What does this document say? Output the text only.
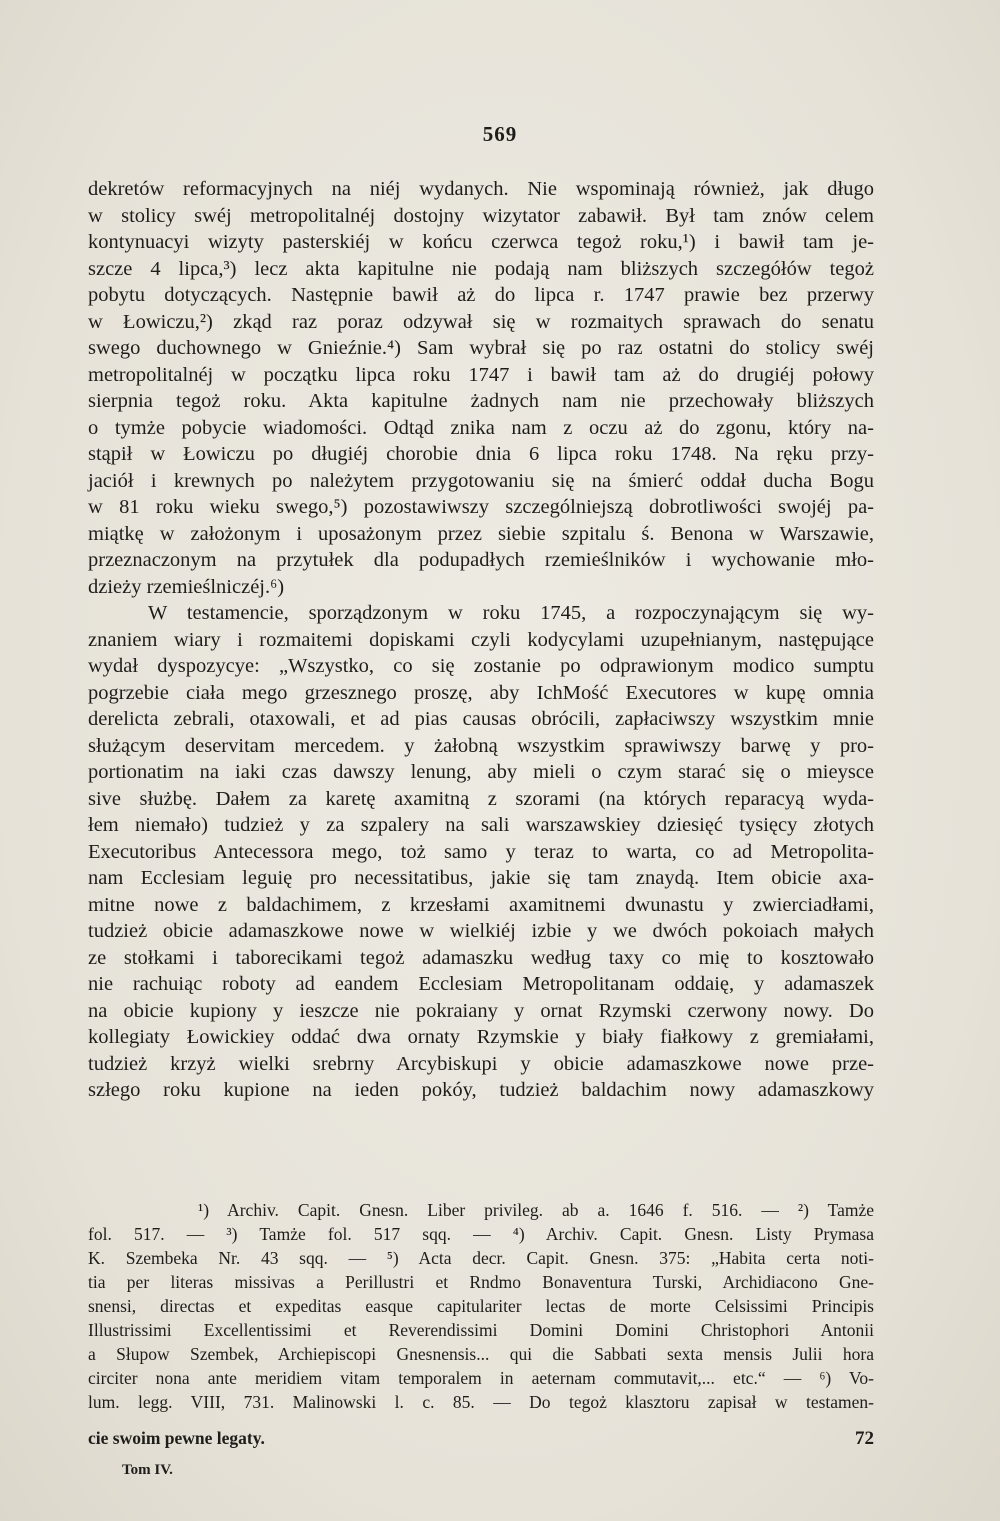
569
dekretów reformacyjnych na niéj wydanych. Nie wspominają również, jak długo
w stolicy swéj metropolitalnéj dostojny wizytator zabawił. Był tam znów celem
kontynuacyi wizyty pasterskiéj w końcu czerwca tegoż roku,¹) i bawił tam je-
szcze 4 lipca,³) lecz akta kapitulne nie podają nam bliższych szczegółów tegoż
pobytu dotyczących. Następnie bawił aż do lipca r. 1747 prawie bez przerwy
w Łowiczu,²) zkąd raz poraz odzywał się w rozmaitych sprawach do senatu
swego duchownego w Gnieźnie.⁴) Sam wybrał się po raz ostatni do stolicy swéj
metropolitalnéj w początku lipca roku 1747 i bawił tam aż do drugiéj połowy
sierpnia tegoż roku. Akta kapitulne żadnych nam nie przechowały bliższych
o tymże pobycie wiadomości. Odtąd znika nam z oczu aż do zgonu, który na-
stąpił w Łowiczu po długiéj chorobie dnia 6 lipca roku 1748. Na ręku przy-
jaciół i krewnych po należytem przygotowaniu się na śmierć oddał ducha Bogu
w 81 roku wieku swego,⁵) pozostawiwszy szczególniejszą dobrotliwości swojéj pa-
miątkę w założonym i uposażonym przez siebie szpitalu ś. Benona w Warszawie,
przeznaczonym na przytułek dla podupadłych rzemieślników i wychowanie mło-
dzieży rzemieślniczéj.⁶)
W testamencie, sporządzonym w roku 1745, a rozpoczynającym się wy-
znaniem wiary i rozmaitemi dopiskami czyli kodycylami uzupełnianym, następujące
wydał dyspozycye: „Wszystko, co się zostanie po odprawionym modico sumptu
pogrzebie ciała mego grzesznego proszę, aby IchMość Executores w kupę omnia
derelicta zebrali, otaxowali, et ad pias causas obrócili, zapłaciwszy wszystkim mnie
służącym deservitam mercedem. y żałobną wszystkim sprawiwszy barwę y pro-
portionatim na iaki czas dawszy lenung, aby mieli o czym starać się o mieysce
sive służbę. Dałem za karetę axamitną z szorami (na których reparacyą wyda-
łem niemało) tudzież y za szpalery na sali warszawskiey dziesięć tysięcy złotych
Executoribus Antecessora mego, toż samo y teraz to warta, co ad Metropolita-
nam Ecclesiam leguię pro necessitatibus, jakie się tam znaydą. Item obicie axa-
mitne nowe z baldachimem, z krzesłami axamitnemi dwunastu y zwierciadłami,
tudzież obicie adamaszkowe nowe w wielkiéj izbie y we dwóch pokoiach małych
ze stołkami i taborecikami tegoż adamaszku według taxy co mię to kosztowało
nie rachuiąc roboty ad eandem Ecclesiam Metropolitanam oddaię, y adamaszek
na obicie kupiony y ieszcze nie pokraiany y ornat Rzymski czerwony nowy. Do
kollegiaty Łowickiey oddać dwa ornaty Rzymskie y biały fiałkowy z gremiałami,
tudzież krzyż wielki srebrny Arcybiskupi y obicie adamaszkowe nowe prze-
szłego roku kupione na ieden pokóy, tudzież baldachim nowy adamaszkowy
¹) Archiv. Capit. Gnesn. Liber privileg. ab a. 1646 f. 516. — ²) Tamże
fol. 517. — ³) Tamże fol. 517 sqq. — ⁴) Archiv. Capit. Gnesn. Listy Prymasa
K. Szembeka Nr. 43 sqq. — ⁵) Acta decr. Capit. Gnesn. 375: „Habita certa noti-
tia per literas missivas a Perillustri et Rndmo Bonaventura Turski, Archidiacono Gne-
snensi, directas et expeditas easque capitulariter lectas de morte Celsissimi Principis
Illustrissimi Excellentissimi et Reverendissimi Domini Domini Christophori Antonii
a Słupow Szembek, Archiepiscopi Gnesnensis... qui die Sabbati sexta mensis Julii hora
circiter nona ante meridiem vitam temporalem in aeternam commutavit,... etc.“ — ⁶) Vo-
lum. legg. VIII, 731. Malinowski l. c. 85. — Do tegoż klasztoru zapisał w testamen-
cie swoim pewne legaty.	72
Tom IV.
